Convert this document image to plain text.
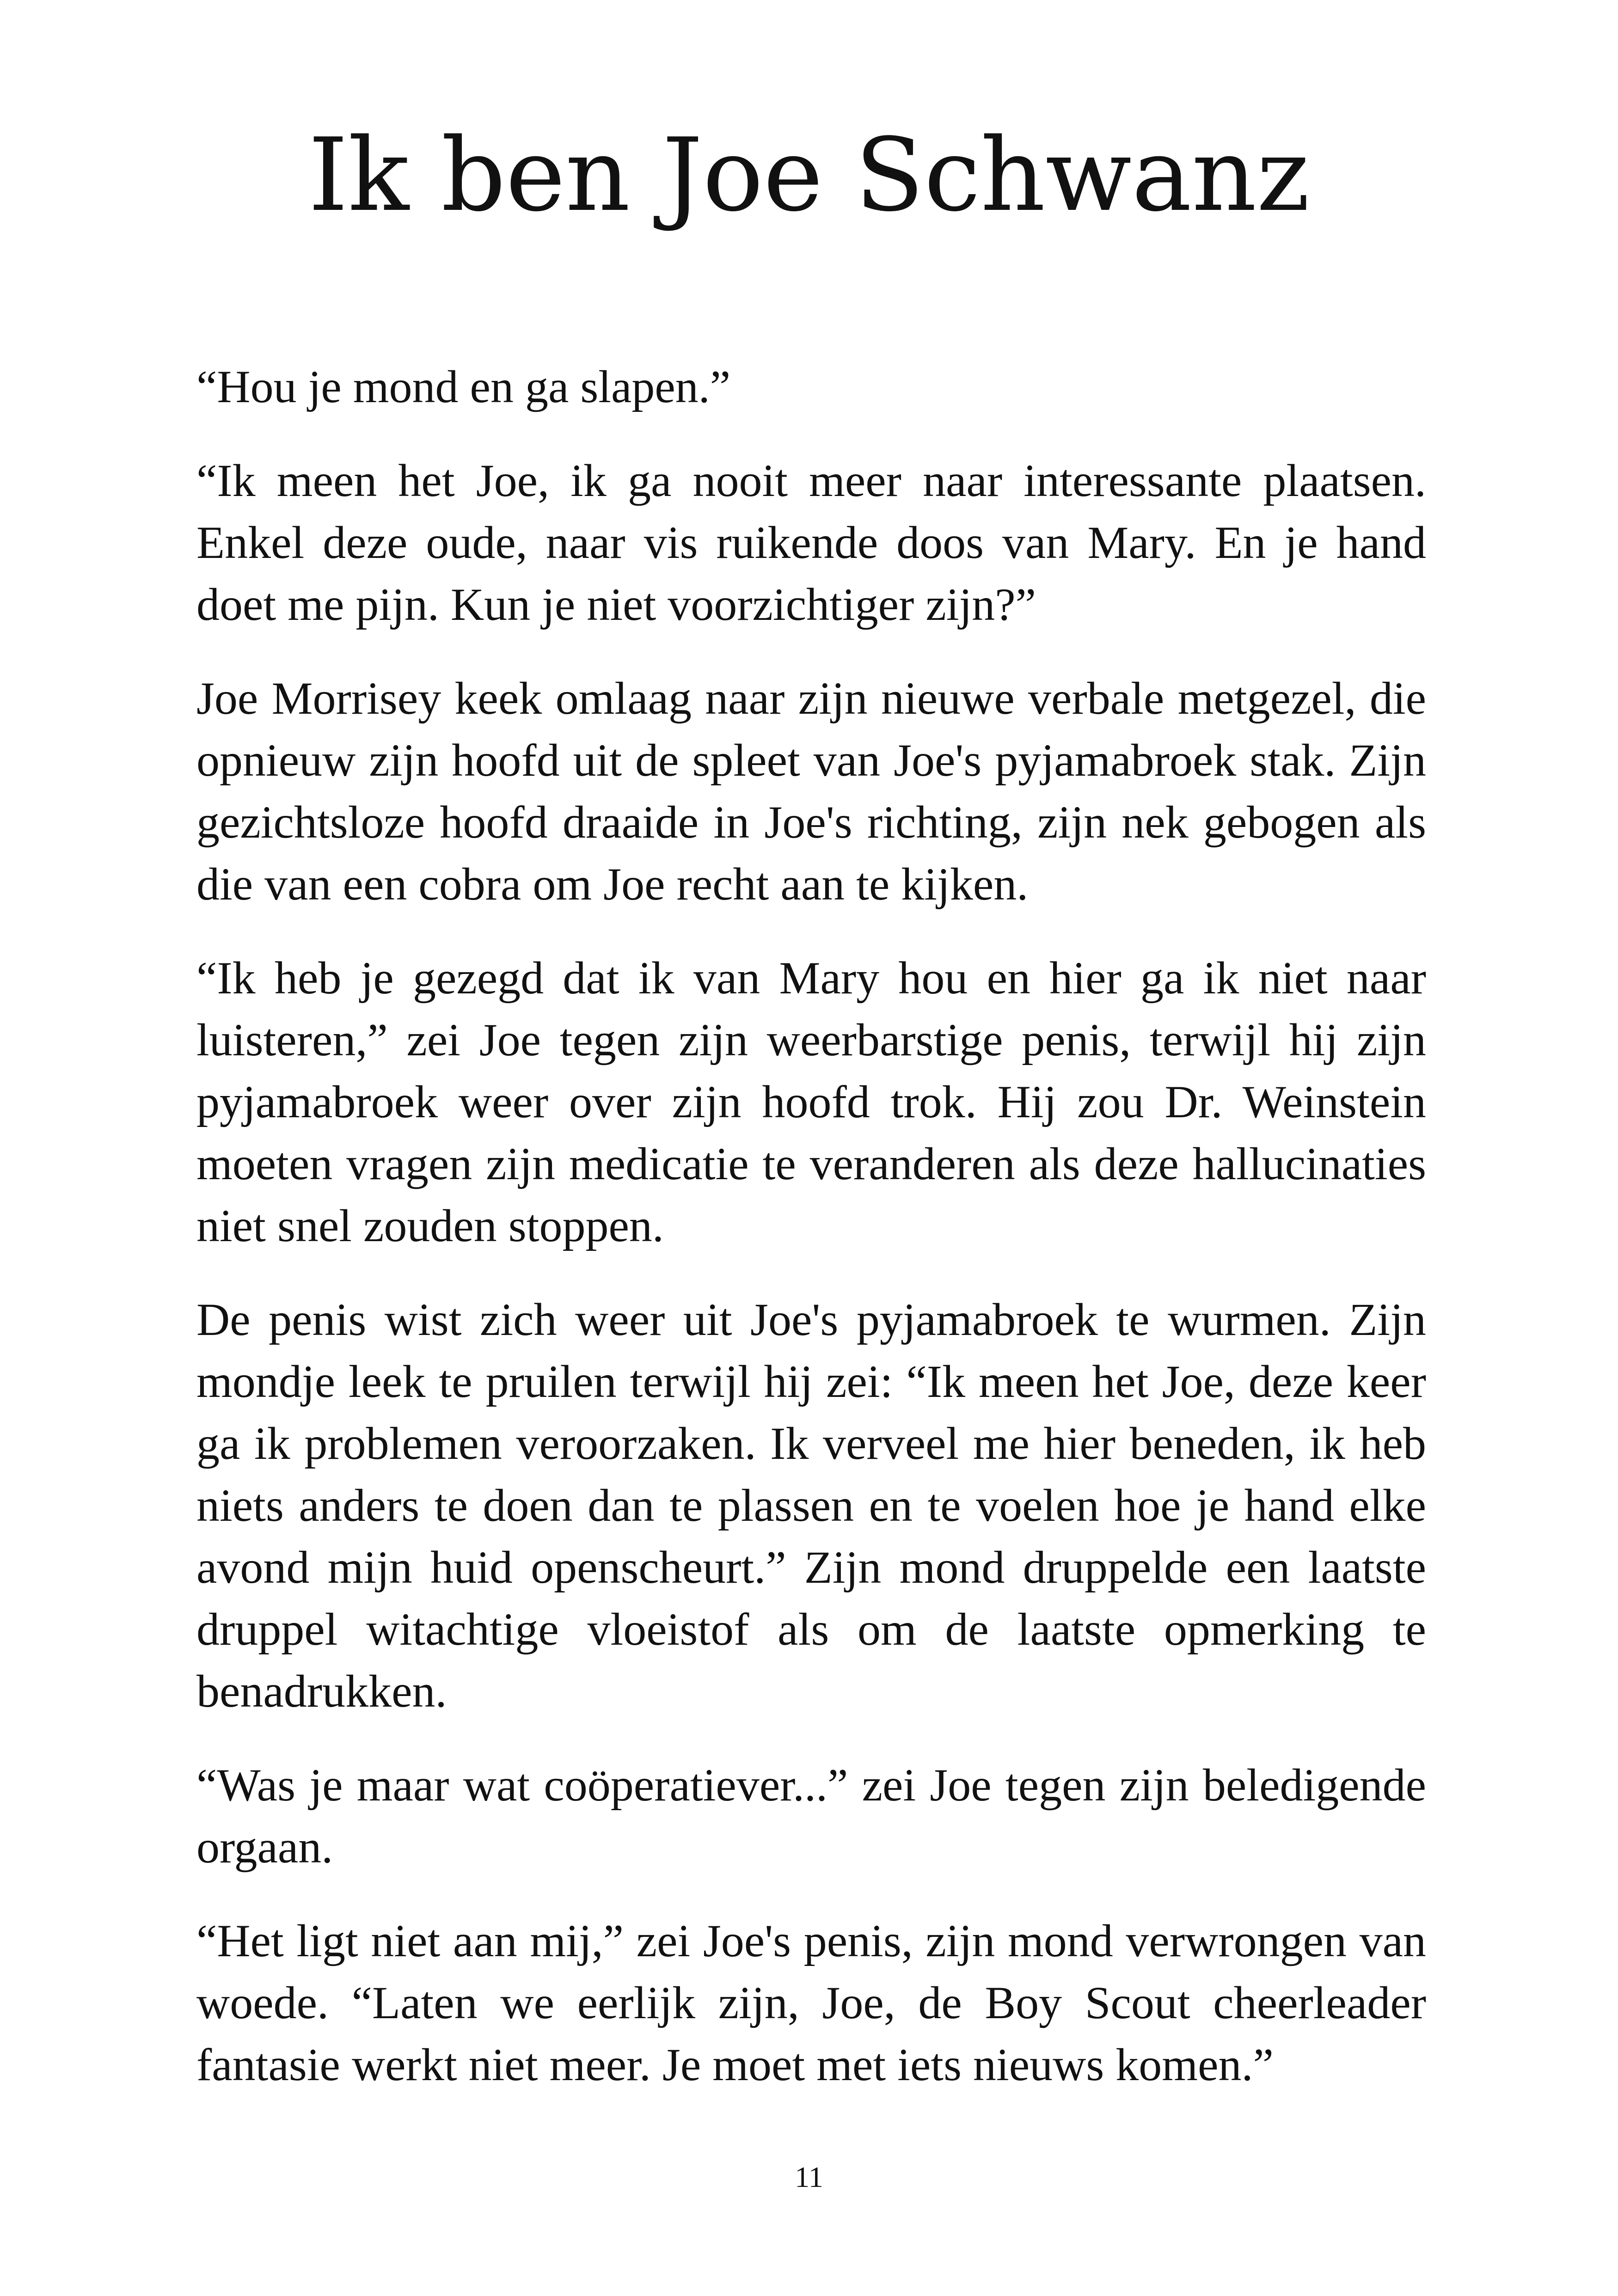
Ik ben Joe Schwanz

“Hou je mond en ga slapen.”

“Ik meen het Joe, ik ga nooit meer naar interessante plaatsen. Enkel deze oude, naar vis ruikende doos van Mary. En je hand doet me pijn. Kun je niet voorzichtiger zijn?”

Joe Morrisey keek omlaag naar zijn nieuwe verbale metgezel, die opnieuw zijn hoofd uit de spleet van Joe's pyjamabroek stak. Zijn gezichtsloze hoofd draaide in Joe's richting, zijn nek gebogen als die van een cobra om Joe recht aan te kijken.

“Ik heb je gezegd dat ik van Mary hou en hier ga ik niet naar luisteren,” zei Joe tegen zijn weerbarstige penis, terwijl hij zijn pyjamabroek weer over zijn hoofd trok. Hij zou Dr. Weinstein moeten vragen zijn medicatie te veranderen als deze hallucinaties niet snel zouden stoppen.

De penis wist zich weer uit Joe's pyjamabroek te wurmen. Zijn mondje leek te pruilen terwijl hij zei: “Ik meen het Joe, deze keer ga ik problemen veroorzaken. Ik verveel me hier beneden, ik heb niets anders te doen dan te plassen en te voelen hoe je hand elke avond mijn huid openscheurt.” Zijn mond druppelde een laatste druppel witachtige vloeistof als om de laatste opmerking te benadrukken.

“Was je maar wat coöperatiever...” zei Joe tegen zijn beledigende orgaan.

“Het ligt niet aan mij,” zei Joe's penis, zijn mond verwrongen van woede. “Laten we eerlijk zijn, Joe, de Boy Scout cheerleader fantasie werkt niet meer. Je moet met iets nieuws komen.”

11
